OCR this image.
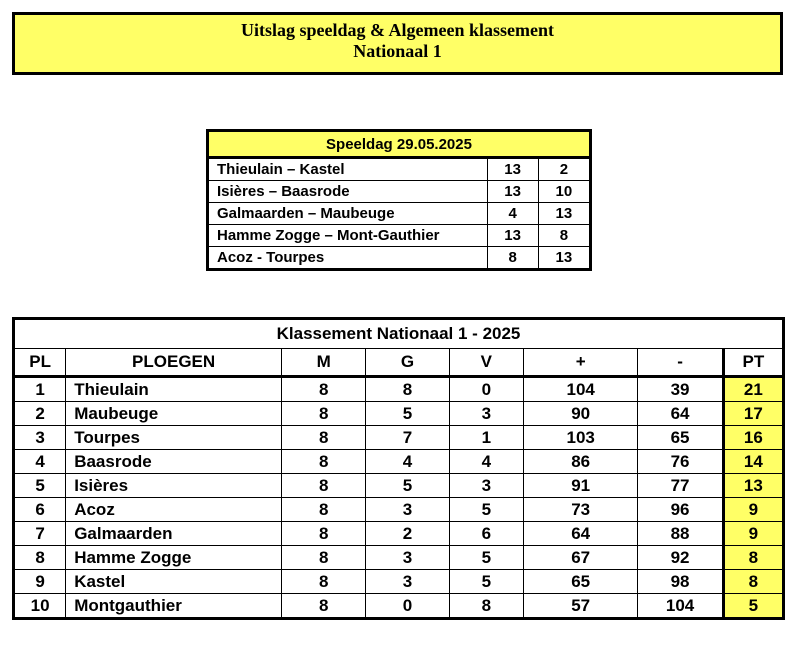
Uitslag speeldag & Algemeen klassement
Nationaal 1
Speeldag 29.05.2025		
Thieulain – Kastel	13	2
Isières – Baasrode	13	10
Galmaarden – Maubeuge	4	13
Hamme Zogge – Mont-Gauthier	13	8
Acoz - Tourpes	8	13
Klassement Nationaal 1 - 2025							
PL	PLOEGEN	M	G	V	+	-	PT
1	Thieulain	8	8	0	104	39	21
2	Maubeuge	8	5	3	90	64	17
3	Tourpes	8	7	1	103	65	16
4	Baasrode	8	4	4	86	76	14
5	Isières	8	5	3	91	77	13
6	Acoz	8	3	5	73	96	9
7	Galmaarden	8	2	6	64	88	9
8	Hamme Zogge	8	3	5	67	92	8
9	Kastel	8	3	5	65	98	8
10	Montgauthier	8	0	8	57	104	5
